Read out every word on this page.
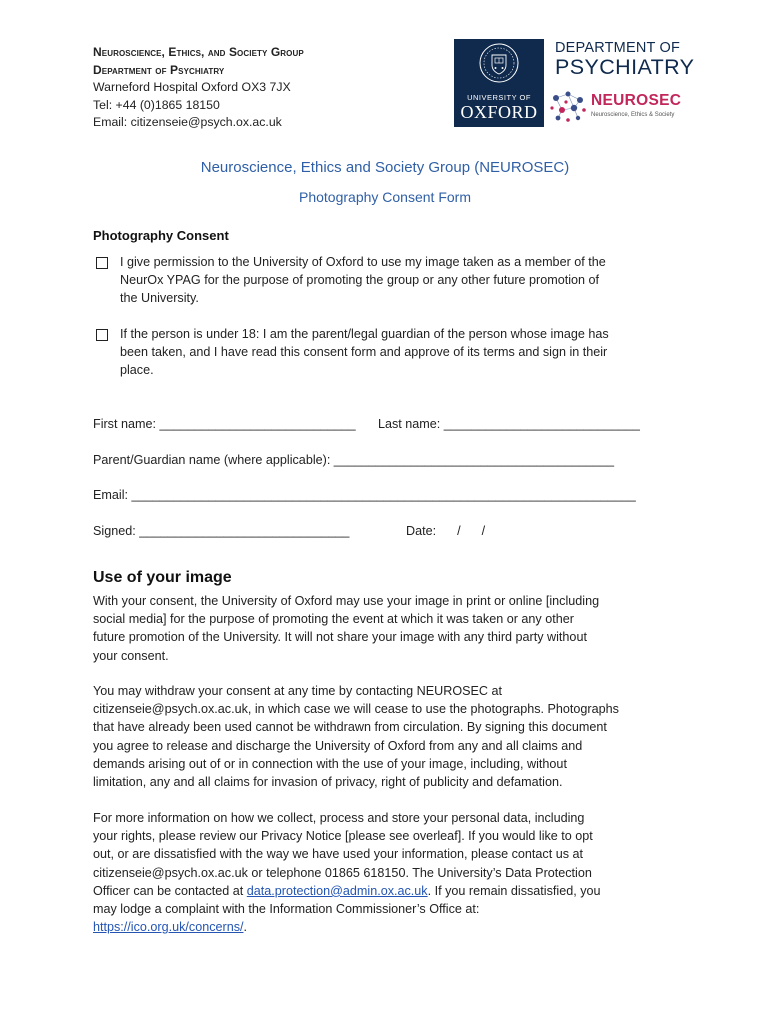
Neuroscience, Ethics, and Society Group
Department of Psychiatry
Warneford Hospital Oxford OX3 7JX
Tel: +44 (0)1865 18150
Email: citizenseie@psych.ox.ac.uk
UNIVERSITY OF
OXFORD
DEPARTMENT OF
PSYCHIATRY
NEUROSEC
Neuroscience, Ethics & Society
Neuroscience, Ethics and Society Group (NEUROSEC)
Photography Consent Form
Photography Consent
I give permission to the University of Oxford to use my image taken as a member of the
NeurOx YPAG for the purpose of promoting the group or any other future promotion of
the University.
If the person is under 18: I am the parent/legal guardian of the person whose image has
been taken, and I have read this consent form and approve of its terms and sign in their
place.
First name: ____________________________ Last name: ____________________________
Parent/Guardian name (where applicable): ________________________________________
Email: ________________________________________________________________________
Signed: ______________________________	Date:      /      /
Use of your image
With your consent, the University of Oxford may use your image in print or online [including
social media] for the purpose of promoting the event at which it was taken or any other
future promotion of the University. It will not share your image with any third party without
your consent.
You may withdraw your consent at any time by contacting NEUROSEC at
citizenseie@psych.ox.ac.uk, in which case we will cease to use the photographs. Photographs
that have already been used cannot be withdrawn from circulation. By signing this document
you agree to release and discharge the University of Oxford from any and all claims and
demands arising out of or in connection with the use of your image, including, without
limitation, any and all claims for invasion of privacy, right of publicity and defamation.
For more information on how we collect, process and store your personal data, including
your rights, please review our Privacy Notice [please see overleaf]. If you would like to opt
out, or are dissatisfied with the way we have used your information, please contact us at
citizenseie@psych.ox.ac.uk or telephone 01865 618150. The University’s Data Protection
Officer can be contacted at data.protection@admin.ox.ac.uk. If you remain dissatisfied, you
may lodge a complaint with the Information Commissioner’s Office at:
https://ico.org.uk/concerns/.
